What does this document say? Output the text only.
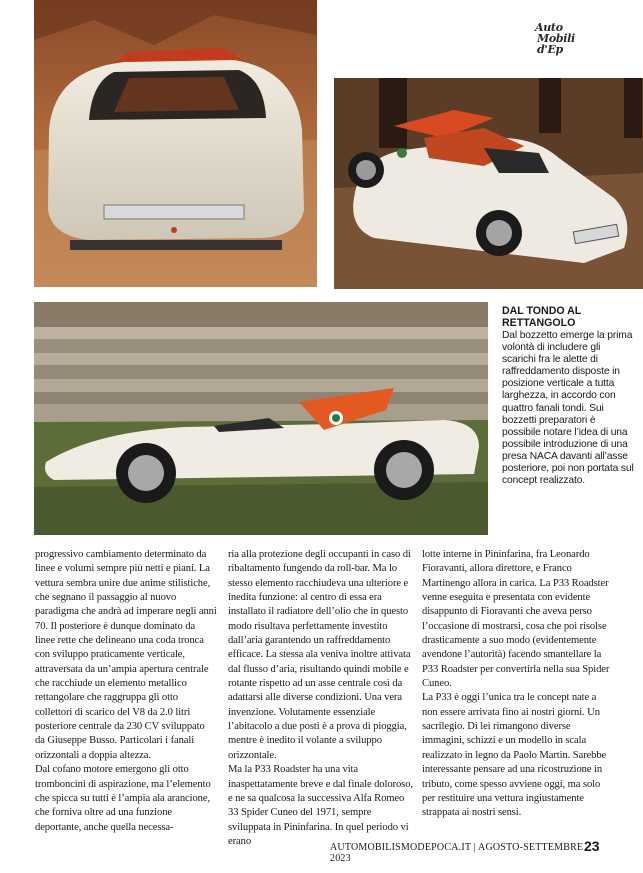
Auto
Mobili d'Ep
DAL TONDO AL RETTANGOLO
Dal bozzetto emerge la prima volontà di includere gli scarichi fra le alette di raffreddamento disposte in posizione verticale a tutta larghezza, in accordo con quattro fanali tondi. Sui bozzetti preparatori è possibile notare l’idea di una possibile introduzione di una presa NACA davanti all’asse posteriore, poi non portata sul concept realizzato.

progressivo cambiamento determinato da linee e volumi sempre più netti e piani. La vettura sembra unire due anime stilistiche, che segnano il passaggio al nuovo paradigma che andrà ad imperare negli anni 70. Il posteriore è dunque dominato da linee rette che delineano una coda tronca con sviluppo praticamente verticale, attraversata da un’ampia apertura centrale che racchiude un elemento metallico rettangolare che raggruppa gli otto collettori di scarico del V8 da 2.0 litri posteriore centrale da 230 CV sviluppato da Giuseppe Busso. Particolari i fanali orizzontali a doppia altezza.

Dal cofano motore emergono gli otto tromboncini di aspirazione, ma l’elemento che spicca su tutti è l’ampia ala arancione, che forniva oltre ad una funzione deportante, anche quella necessa-

ria alla protezione degli occupanti in caso di ribaltamento fungendo da roll-bar. Ma lo stesso elemento racchiudeva una ulteriore e inedita funzione: al centro di essa era installato il radiatore dell’olio che in questo modo risultava perfettamente investito dall’aria garantendo un raffreddamento efficace. La stessa ala veniva inoltre attivata dal flusso d’aria, risultando quindi mobile e rotante rispetto ad un asse centrale così da adattarsi alle diverse condizioni. Una vera invenzione. Volutamente essenziale l’abitacolo a due posti è a prova di pioggia, mentre è inedito il volante a sviluppo orizzontale.

Ma la P33 Roadster ha una vita inaspettatamente breve e dal finale doloroso, e ne sa qualcosa la successiva Alfa Romeo 33 Spider Cuneo del 1971, sempre sviluppata in Pininfarina. In quel periodo vi erano

lotte interne in Pininfarina, fra Leonardo Fioravanti, allora direttore, e Franco Martinengo allora in carica. La P33 Roadster venne eseguita e presentata con evidente disappunto di Fioravanti che aveva perso l’occasione di mostrarsi, cosa che poi risolse drasticamente a suo modo (evidentemente avendone l’autorità) facendo smantellare la P33 Roadster per convertirla nella sua Spider Cuneo.

La P33 è oggi l’unica tra le concept nate a non essere arrivata fino ai nostri giorni. Un sacrilegio. Di lei rimangono diverse immagini, schizzi e un modello in scala realizzato in legno da Paolo Martin. Sarebbe interessante pensare ad una ricostruzione in tributo, come spesso avviene oggi, ma solo per restituire una vettura ingiustamente strappata ai nostri sensi.

AUTOMOBILISMODEPOCA.IT | AGOSTO-SETTEMBRE 2023
23
